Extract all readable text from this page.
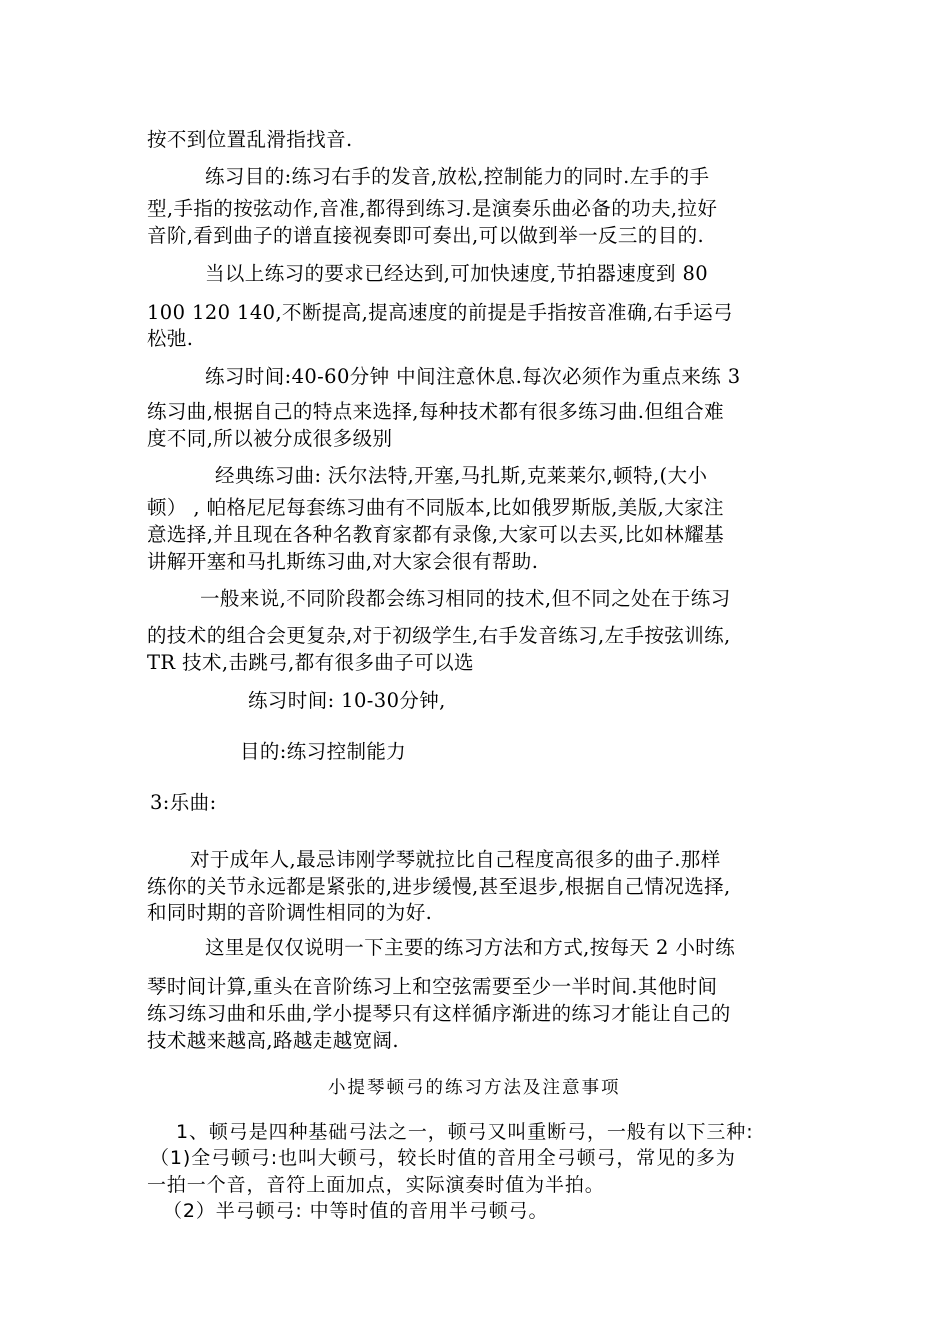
按不到位置乱滑指找音.

练习目的:练习右手的发音,放松,控制能力的同时.左手的手

型,手指的按弦动作,音准,都得到练习.是演奏乐曲必备的功夫,拉好

音阶,看到曲子的谱直接视奏即可奏出,可以做到举一反三的目的.

当以上练习的要求已经达到,可加快速度,节拍器速度到 80

100 120 140,不断提高,提高速度的前提是手指按音准确,右手运弓

松弛.

练习时间:40-60分钟 中间注意休息.每次必须作为重点来练 3

练习曲,根据自己的特点来选择,每种技术都有很多练习曲.但组合难

度不同,所以被分成很多级别

经典练习曲: 沃尔法特,开塞,马扎斯,克莱莱尔,顿特,(大小

顿） , 帕格尼尼每套练习曲有不同版本,比如俄罗斯版,美版,大家注

意选择,并且现在各种名教育家都有录像,大家可以去买,比如林耀基

讲解开塞和马扎斯练习曲,对大家会很有帮助.

一般来说,不同阶段都会练习相同的技术,但不同之处在于练习

的技术的组合会更复杂,对于初级学生,右手发音练习,左手按弦训练,

TR 技术,击跳弓,都有很多曲子可以选

练习时间: 10-30分钟,

目的:练习控制能力

3:乐曲:

对于成年人,最忌讳刚学琴就拉比自己程度高很多的曲子.那样

练你的关节永远都是紧张的,进步缓慢,甚至退步,根据自己情况选择,

和同时期的音阶调性相同的为好.

这里是仅仅说明一下主要的练习方法和方式,按每天 2 小时练

琴时间计算,重头在音阶练习上和空弦需要至少一半时间.其他时间

练习练习曲和乐曲,学小提琴只有这样循序渐进的练习才能让自己的

技术越来越高,路越走越宽阔.

小提琴顿弓的练习方法及注意事项

1、顿弓是四种基础弓法之一，顿弓又叫重断弓，一般有以下三种:

（1)全弓顿弓:也叫大顿弓，较长时值的音用全弓顿弓，常见的多为

一拍一个音，音符上面加点，实际演奏时值为半拍。

（2）半弓顿弓: 中等时值的音用半弓顿弓。
